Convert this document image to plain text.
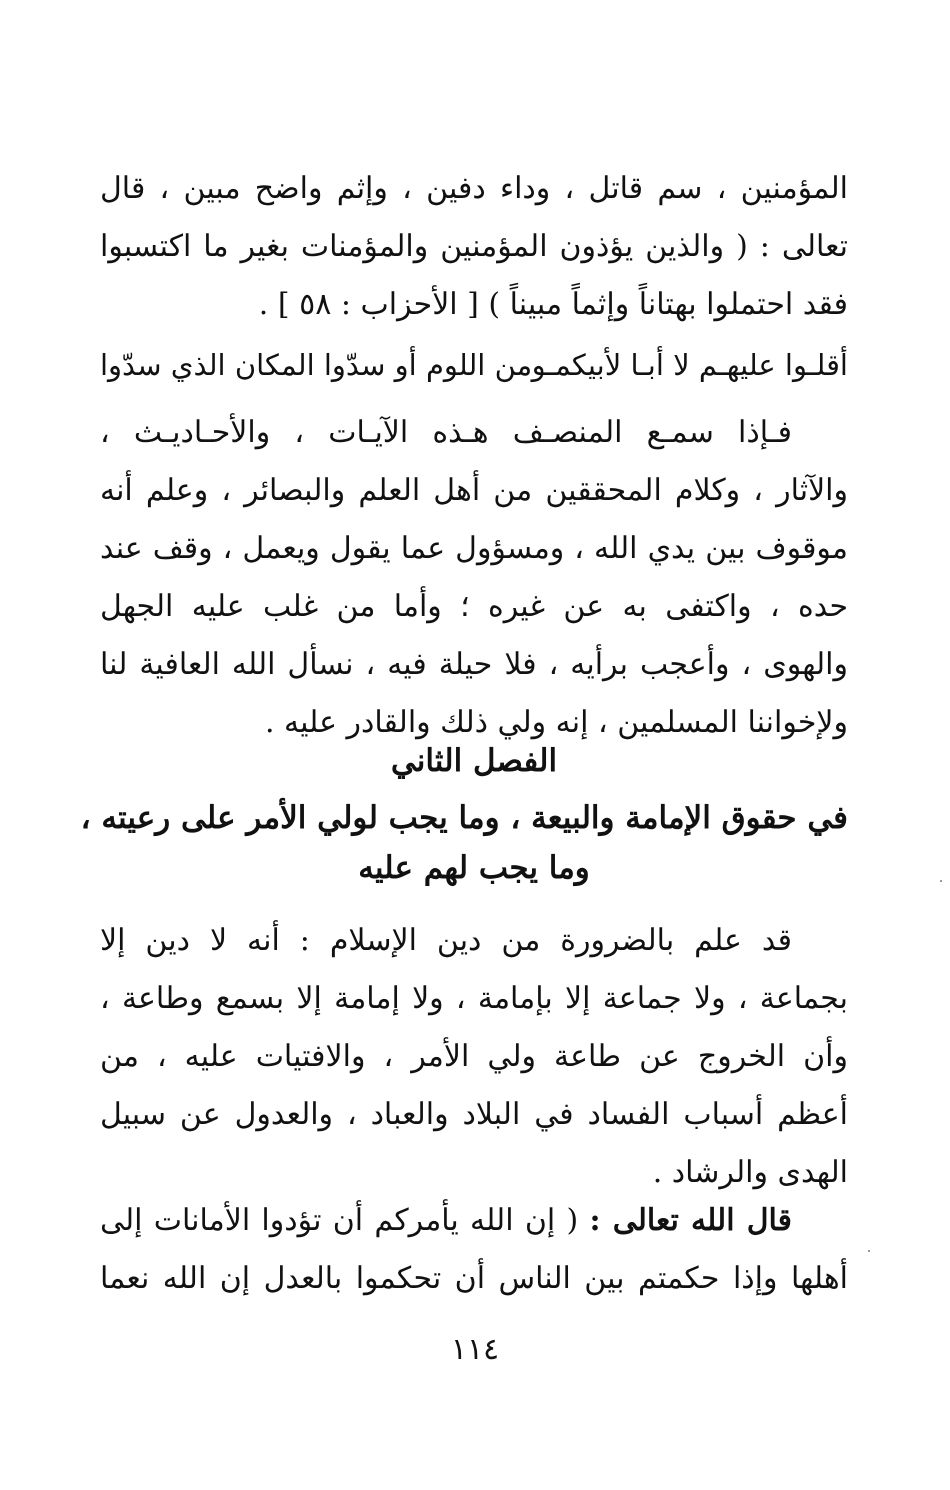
المؤمنين ، سم قاتل ، وداء دفين ، وإثم واضح مبين ، قال
تعالى : ( والذين يؤذون المؤمنين والمؤمنات بغير ما اكتسبوا
فقد احتملوا بهتاناً وإثماً مبيناً ) [ الأحزاب : ٥٨ ] .
أقلـوا عليهـم لا أبـا لأبيكمـو
من اللوم أو سدّوا المكان الذي سدّوا
فـإذا سمـع المنصـف هـذه الآيـات ، والأحـاديـث ،
والآثار ، وكلام المحققين من أهل العلم والبصائر ، وعلم أنه
موقوف بين يدي الله ، ومسؤول عما يقول ويعمل ، وقف عند
حده ، واكتفى به عن غيره ؛ وأما من غلب عليه الجهل
والهوى ، وأعجب برأيه ، فلا حيلة فيه ، نسأل الله العافية لنا
ولإخواننا المسلمين ، إنه ولي ذلك والقادر عليه .
الفصل الثاني
في حقوق الإمامة والبيعة ، وما يجب لولي الأمر على رعيته ،
وما يجب لهم عليه
قد علم بالضرورة من دين الإسلام : أنه لا دين إلا
بجماعة ، ولا جماعة إلا بإمامة ، ولا إمامة إلا بسمع وطاعة ،
وأن الخروج عن طاعة ولي الأمر ، والافتيات عليه ، من
أعظم أسباب الفساد في البلاد والعباد ، والعدول عن سبيل
الهدى والرشاد .
قال الله تعالى : ( إن الله يأمركم أن تؤدوا الأمانات إلى
أهلها وإذا حكمتم بين الناس أن تحكموا بالعدل إن الله نعما
١١٤
